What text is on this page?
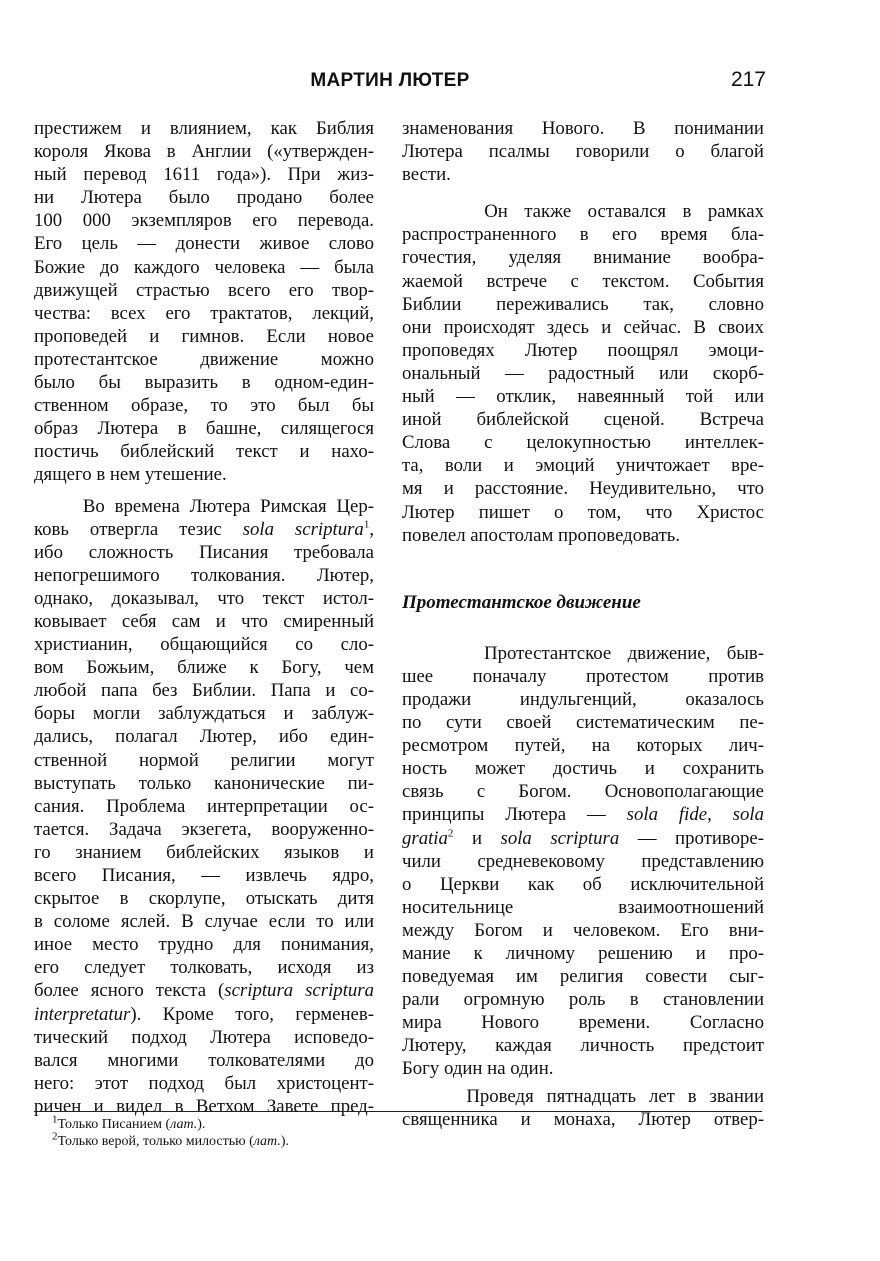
МАРТИН ЛЮТЕР	217
престижем и влиянием, как Библия
короля Якова в Англии («утвержден-
ный перевод 1611 года»). При жиз-
ни Лютера было продано более
100 000 экземпляров его перевода.
Его цель — донести живое слово
Божие до каждого человека — была
движущей страстью всего его твор-
чества: всех его трактатов, лекций,
проповедей и гимнов. Если новое
протестантское движение можно
было бы выразить в одном-един-
ственном образе, то это был бы
образ Лютера в башне, силящегося
постичь библейский текст и нахо-
дящего в нем утешение.
Во времена Лютера Римская Цер-
ковь отвергла тезис sola scriptura$^1$,
ибо сложность Писания требовала
непогрешимого толкования. Лютер,
однако, доказывал, что текст истол-
ковывает себя сам и что смиренный
христианин, общающийся со сло-
вом Божьим, ближе к Богу, чем
любой папа без Библии. Папа и со-
боры могли заблуждаться и заблуж-
дались, полагал Лютер, ибо един-
ственной нормой религии могут
выступать только канонические пи-
сания. Проблема интерпретации ос-
тается. Задача экзегета, вооруженно-
го знанием библейских языков и
всего Писания, — извлечь ядро,
скрытое в скорлупе, отыскать дитя
в соломе яслей. В случае если то или
иное место трудно для понимания,
его следует толковать, исходя из
более ясного текста (scriptura scriptura
interpretatur). Кроме того, герменев-
тический подход Лютера исповедо-
вался многими толкователями до
него: этот подход был христоцент-
ричен и видел в Ветхом Завете пред-
знаменования Нового. В понимании
Лютера псалмы говорили о благой
вести.
Он также оставался в рамках
распространенного в его время бла-
гочестия, уделяя внимание вообра-
жаемой встрече с текстом. События
Библии переживались так, словно
они происходят здесь и сейчас. В своих
проповедях Лютер поощрял эмоци-
ональный — радостный или скорб-
ный — отклик, навеянный той или
иной библейской сценой. Встреча
Слова с целокупностью интеллек-
та, воли и эмоций уничтожает вре-
мя и расстояние. Неудивительно, что
Лютер пишет о том, что Христос
повелел апостолам проповедовать.
Протестантское движение
Протестантское движение, быв-
шее поначалу протестом против
продажи индульгенций, оказалось
по сути своей систематическим пе-
ресмотром путей, на которых лич-
ность может достичь и сохранить
связь с Богом. Основополагающие
принципы Лютера — sola fide, sola
gratia$^2$ и sola scriptura — противоре-
чили средневековому представлению
о Церкви как об исключительной
носительнице взаимоотношений
между Богом и человеком. Его вни-
мание к личному решению и про-
поведуемая им религия совести сыг-
рали огромную роль в становлении
мира Нового времени. Согласно
Лютеру, каждая личность предстоит
Богу один на один.
Проведя пятнадцать лет в звании
священника и монаха, Лютер отвер-
$^1$Только Писанием (лат.).
$^2$Только верой, только милостью (лат.).
